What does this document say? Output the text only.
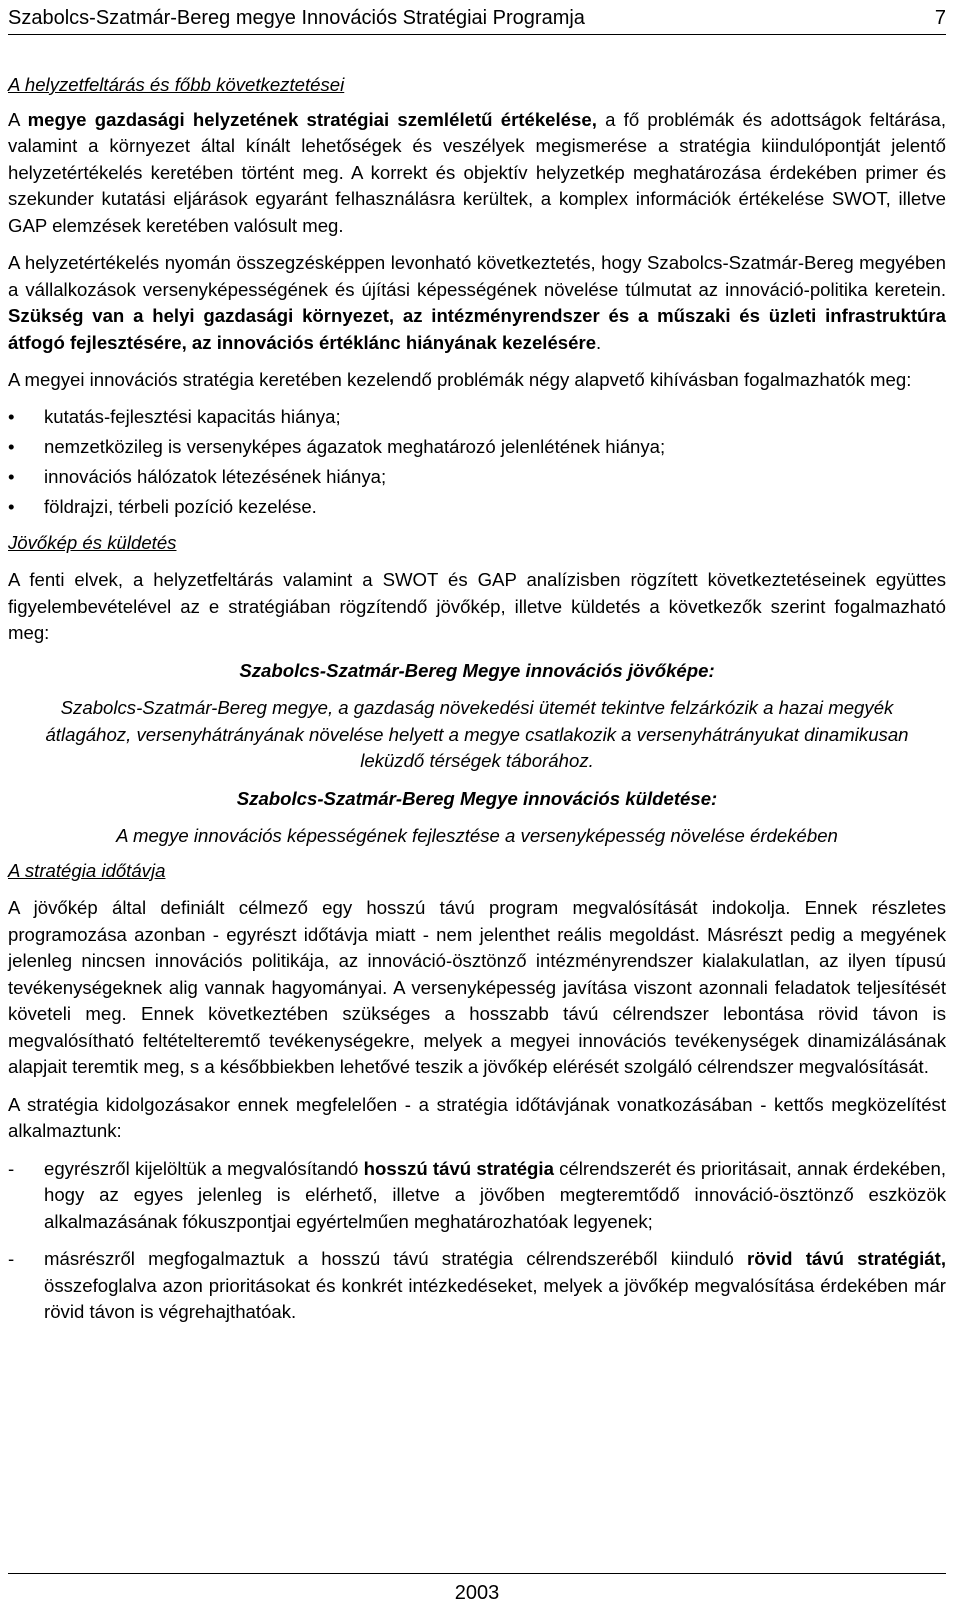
Szabolcs-Szatmár-Bereg megye Innovációs Stratégiai Programja	7

A helyzetfeltárás és főbb következtetései

A megye gazdasági helyzetének stratégiai szemléletű értékelése, a fő problémák és adottságok feltárása, valamint a környezet által kínált lehetőségek és veszélyek megismerése a stratégia kiindulópontját jelentő helyzetértékelés keretében történt meg. A korrekt és objektív helyzetkép meghatározása érdekében primer és szekunder kutatási eljárások egyaránt felhasználásra kerültek, a komplex információk értékelése SWOT, illetve GAP elemzések keretében valósult meg.

A helyzetértékelés nyomán összegzésképpen levonható következtetés, hogy Szabolcs-Szatmár-Bereg megyében a vállalkozások versenyképességének és újítási képességének növelése túlmutat az innováció-politika keretein. Szükség van a helyi gazdasági környezet, az intézményrendszer és a műszaki és üzleti infrastruktúra átfogó fejlesztésére, az innovációs értéklánc hiányának kezelésére.

A megyei innovációs stratégia keretében kezelendő problémák négy alapvető kihívásban fogalmazhatók meg:

•	kutatás-fejlesztési kapacitás hiánya;
•	nemzetközileg is versenyképes ágazatok meghatározó jelenlétének hiánya;
•	innovációs hálózatok létezésének hiánya;
•	földrajzi, térbeli pozíció kezelése.

Jövőkép és küldetés

A fenti elvek, a helyzetfeltárás valamint a SWOT és GAP analízisben rögzített következtetéseinek együttes figyelembevételével az e stratégiában rögzítendő jövőkép, illetve küldetés a következők szerint fogalmazható meg:

Szabolcs-Szatmár-Bereg Megye innovációs jövőképe:

Szabolcs-Szatmár-Bereg megye, a gazdaság növekedési ütemét tekintve felzárkózik a hazai megyék átlagához, versenyhátrányának növelése helyett a megye csatlakozik a versenyhátrányukat dinamikusan leküzdő térségek táborához.

Szabolcs-Szatmár-Bereg Megye innovációs küldetése:

A megye innovációs képességének fejlesztése a versenyképesség növelése érdekében

A stratégia időtávja

A jövőkép által definiált célmező egy hosszú távú program megvalósítását indokolja. Ennek részletes programozása azonban - egyrészt időtávja miatt - nem jelenthet reális megoldást. Másrészt pedig a megyének jelenleg nincsen innovációs politikája, az innováció-ösztönző intézményrendszer kialakulatlan, az ilyen típusú tevékenységeknek alig vannak hagyományai. A versenyképesség javítása viszont azonnali feladatok teljesítését követeli meg. Ennek következtében szükséges a hosszabb távú célrendszer lebontása rövid távon is megvalósítható feltételteremtő tevékenységekre, melyek a megyei innovációs tevékenységek dinamizálásának alapjait teremtik meg, s a későbbiekben lehetővé teszik a jövőkép elérését szolgáló célrendszer megvalósítását.

A stratégia kidolgozásakor ennek megfelelően - a stratégia időtávjának vonatkozásában - kettős megközelítést alkalmaztunk:

-	egyrészről kijelöltük a megvalósítandó hosszú távú stratégia célrendszerét és prioritásait, annak érdekében, hogy az egyes jelenleg is elérhető, illetve a jövőben megteremtődő innováció-ösztönző eszközök alkalmazásának fókuszpontjai egyértelműen meghatározhatóak legyenek;

-	másrészről megfogalmaztuk a hosszú távú stratégia célrendszeréből kiinduló rövid távú stratégiát, összefoglalva azon prioritásokat és konkrét intézkedéseket, melyek a jövőkép megvalósítása érdekében már rövid távon is végrehajthatóak.

2003
